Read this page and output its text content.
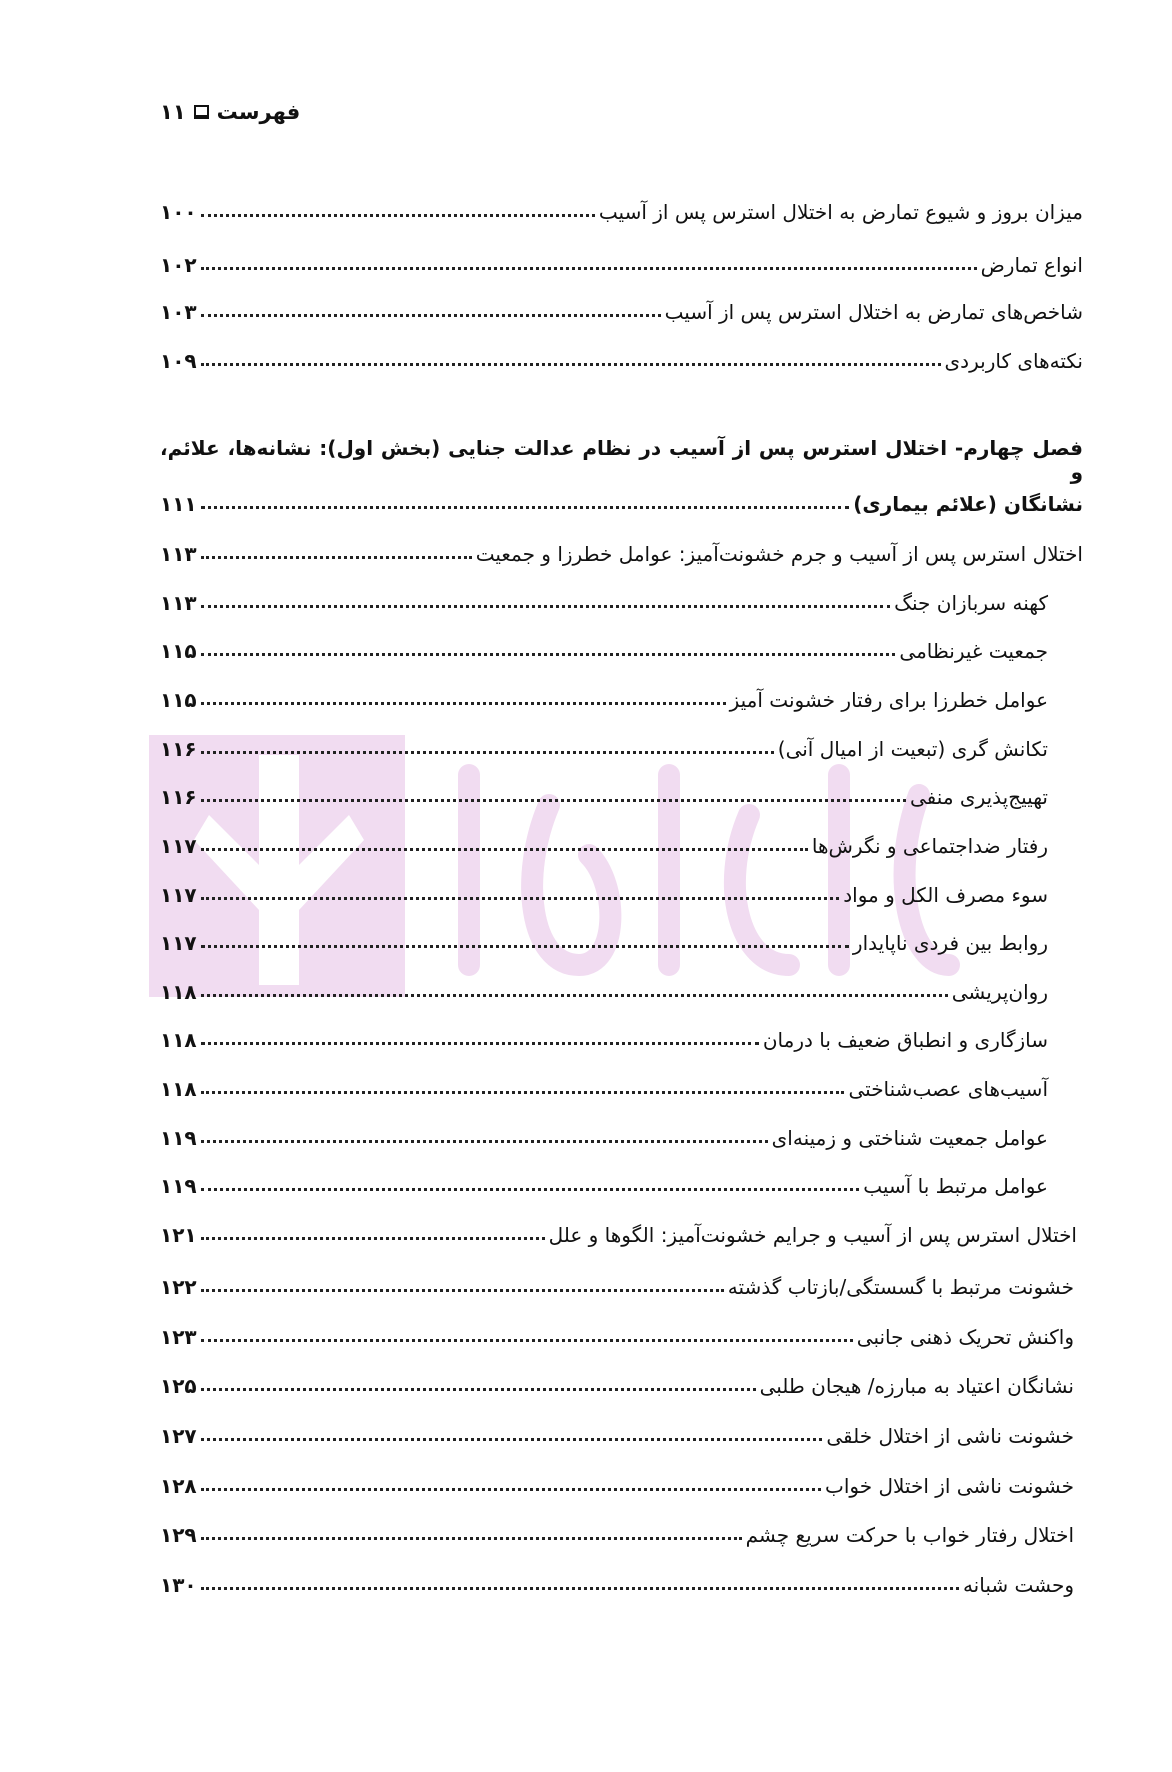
فهرست
۱۱
میزان بروز و شیوع تمارض به اختلال استرس پس از آسیب
۱۰۰
انواع تمارض
۱۰۲
شاخص‌های تمارض به اختلال استرس پس از آسیب
۱۰۳
نکته‌های کاربردی
۱۰۹
اختلال استرس پس از آسیب و جرم خشونت‌آمیز: عوامل خطرزا و جمعیت
۱۱۳
کهنه سربازان جنگ
۱۱۳
جمعیت غیرنظامی
۱۱۵
عوامل خطرزا برای رفتار خشونت آمیز
۱۱۵
تکانش گری (تبعیت از امیال آنی)
۱۱۶
تهییج‌پذیری منفی
۱۱۶
رفتار ضداجتماعی و نگرش‌ها
۱۱۷
سوء مصرف الکل و مواد
۱۱۷
روابط بین فردی ناپایدار
۱۱۷
روان‌پریشی
۱۱۸
سازگاری و انطباق ضعیف با درمان
۱۱۸
آسیب‌های عصب‌شناختی
۱۱۸
عوامل جمعیت شناختی و زمینه‌ای
۱۱۹
عوامل مرتبط با آسیب
۱۱۹
اختلال استرس پس از آسیب و جرایم خشونت‌آمیز: الگوها و علل
۱۲۱
خشونت مرتبط با گسستگی/بازتاب گذشته
۱۲۲
واکنش تحریک ذهنی جانبی
۱۲۳
نشانگان اعتیاد به مبارزه/ هیجان طلبی
۱۲۵
خشونت ناشی از اختلال خلقی
۱۲۷
خشونت ناشی از اختلال خواب
۱۲۸
اختلال رفتار خواب با حرکت سریع چشم
۱۲۹
وحشت شبانه
۱۳۰
فصل چهارم- اختلال استرس پس از آسیب در نظام عدالت جنایی (بخش اول): نشانه‌ها، علائم، و
نشانگان (علائم بیماری)
۱۱۱
